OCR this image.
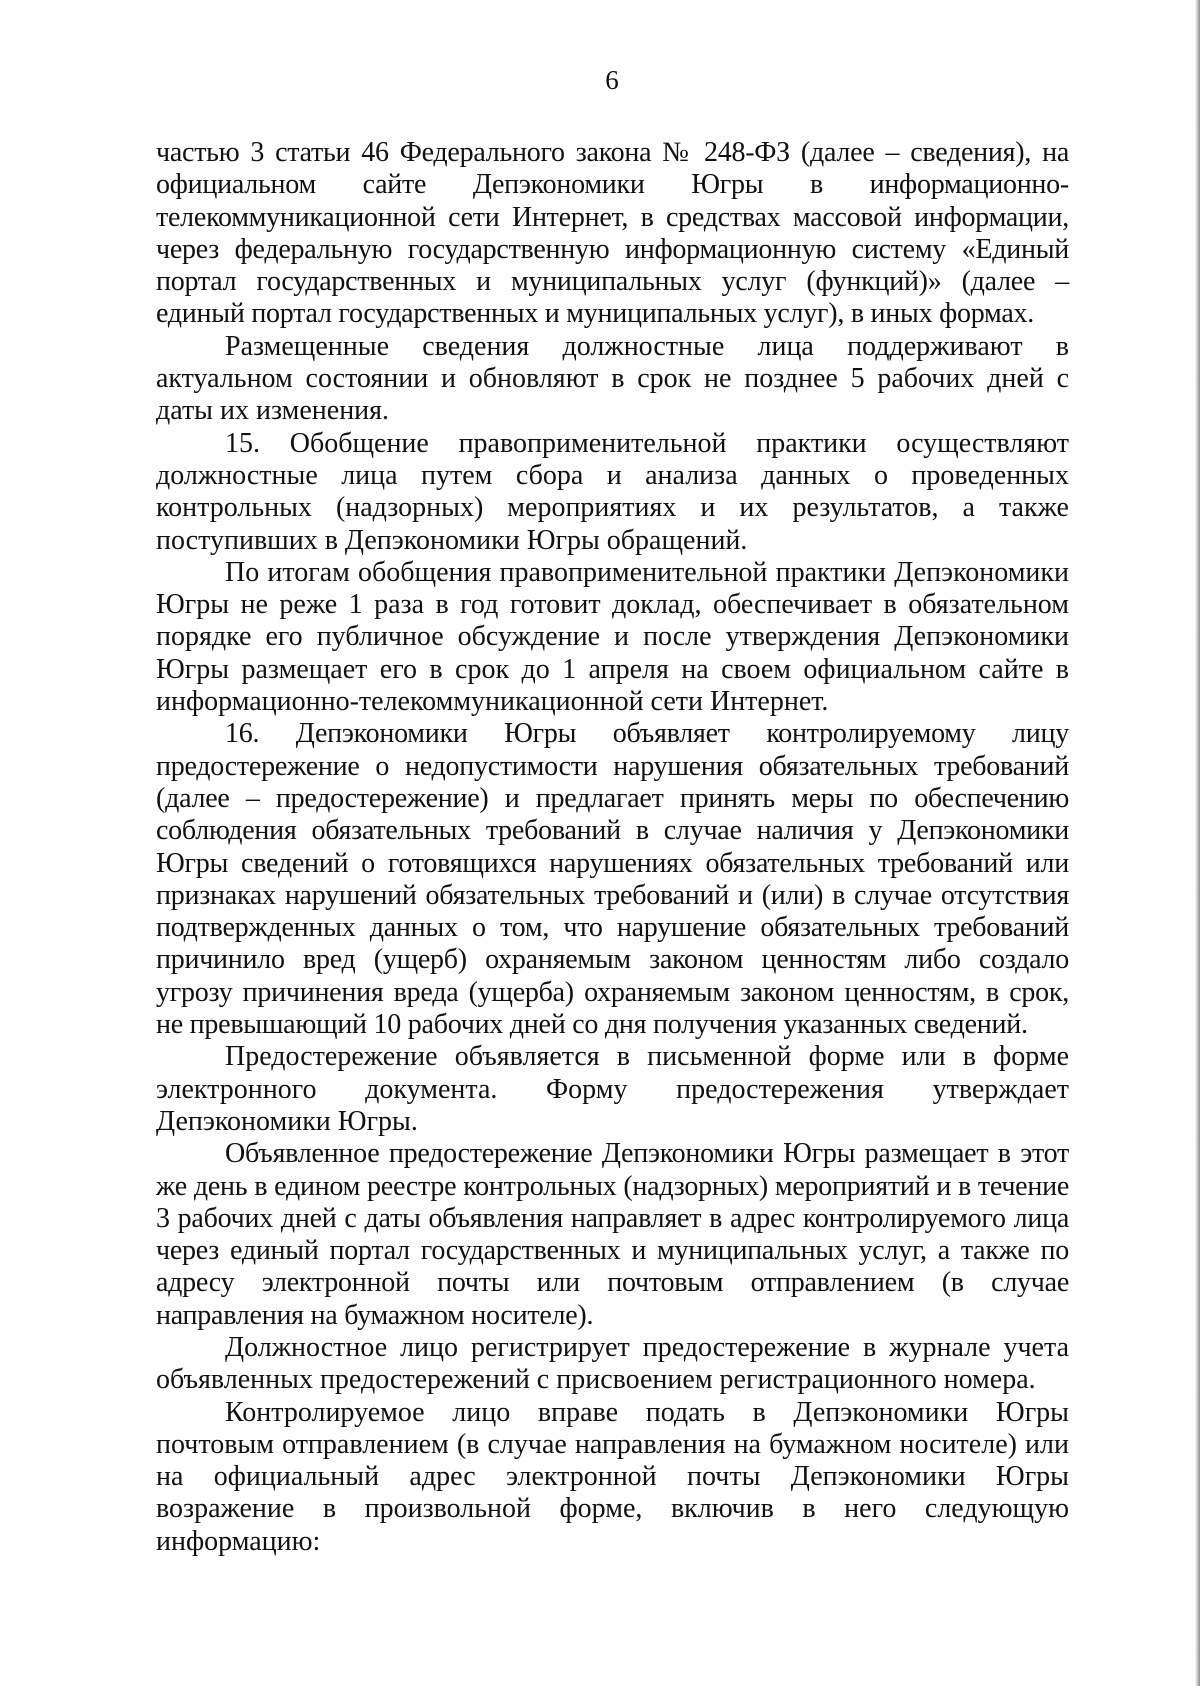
6

частью 3 статьи 46 Федерального закона № 248-ФЗ (далее – сведения), на официальном сайте Депэкономики Югры в информационно-телекоммуникационной сети Интернет, в средствах массовой информации, через федеральную государственную информационную систему «Единый портал государственных и муниципальных услуг (функций)» (далее – единый портал государственных и муниципальных услуг), в иных формах.

Размещенные сведения должностные лица поддерживают в актуальном состоянии и обновляют в срок не позднее 5 рабочих дней с даты их изменения.

15. Обобщение правоприменительной практики осуществляют должностные лица путем сбора и анализа данных о проведенных контрольных (надзорных) мероприятиях и их результатов, а также поступивших в Депэкономики Югры обращений.

По итогам обобщения правоприменительной практики Депэкономики Югры не реже 1 раза в год готовит доклад, обеспечивает в обязательном порядке его публичное обсуждение и после утверждения Депэкономики Югры размещает его в срок до 1 апреля на своем официальном сайте в информационно-телекоммуникационной сети Интернет.

16. Депэкономики Югры объявляет контролируемому лицу предостережение о недопустимости нарушения обязательных требований (далее – предостережение) и предлагает принять меры по обеспечению соблюдения обязательных требований в случае наличия у Депэкономики Югры сведений о готовящихся нарушениях обязательных требований или признаках нарушений обязательных требований и (или) в случае отсутствия подтвержденных данных о том, что нарушение обязательных требований причинило вред (ущерб) охраняемым законом ценностям либо создало угрозу причинения вреда (ущерба) охраняемым законом ценностям, в срок, не превышающий 10 рабочих дней со дня получения указанных сведений.

Предостережение объявляется в письменной форме или в форме электронного документа. Форму предостережения утверждает Депэкономики Югры.

Объявленное предостережение Депэкономики Югры размещает в этот же день в едином реестре контрольных (надзорных) мероприятий и в течение 3 рабочих дней с даты объявления направляет в адрес контролируемого лица через единый портал государственных и муниципальных услуг, а также по адресу электронной почты или почтовым отправлением (в случае направления на бумажном носителе).

Должностное лицо регистрирует предостережение в журнале учета объявленных предостережений с присвоением регистрационного номера.

Контролируемое лицо вправе подать в Депэкономики Югры почтовым отправлением (в случае направления на бумажном носителе) или на официальный адрес электронной почты Депэкономики Югры возражение в произвольной форме, включив в него следующую информацию:
